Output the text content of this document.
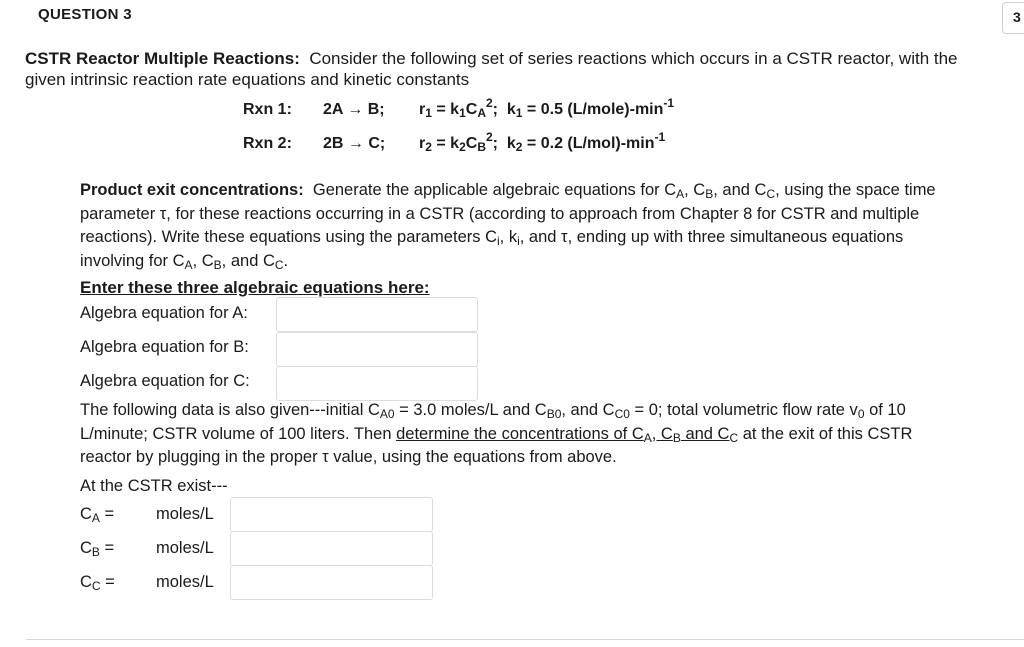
QUESTION 3	3
CSTR Reactor Multiple Reactions: Consider the following set of series reactions which occurs in a CSTR reactor, with the given intrinsic reaction rate equations and kinetic constants
Rxn 1: 2A → B; $r_1 = k_1C_A^2$; $k_1 = 0.5$ $(L/mole)-\min^{-1}$
Rxn 2: 2B → C; $r_2 = k_2C_B^2$; $k_2 = 0.2$ $(L/mol)-\min^{-1}$
Product exit concentrations: Generate the applicable algebraic equations for $C_A$, $C_B$, and $C_C$, using the space time parameter τ, for these reactions occurring in a CSTR (according to approach from Chapter 8 for CSTR and multiple reactions). Write these equations using the parameters $C_i$, $k_i$, and τ, ending up with three simultaneous equations involving for $C_A$, $C_B$, and $C_C$.
Enter these three algebraic equations here:
Algebra equation for A:
Algebra equation for B:
Algebra equation for C:
The following data is also given---initial $C_{A0} = 3.0$ moles/L and $C_{B0}$, and $C_{C0} = 0$; total volumetric flow rate $v_0$ of 10 L/minute; CSTR volume of 100 liters. Then determine the concentrations of $C_A$, $C_B$ and $C_C$ at the exit of this CSTR reactor by plugging in the proper τ value, using the equations from above.
At the CSTR exist---
$C_A$ =	moles/L
$C_B$ =	moles/L
$C_C$ = moles/L
